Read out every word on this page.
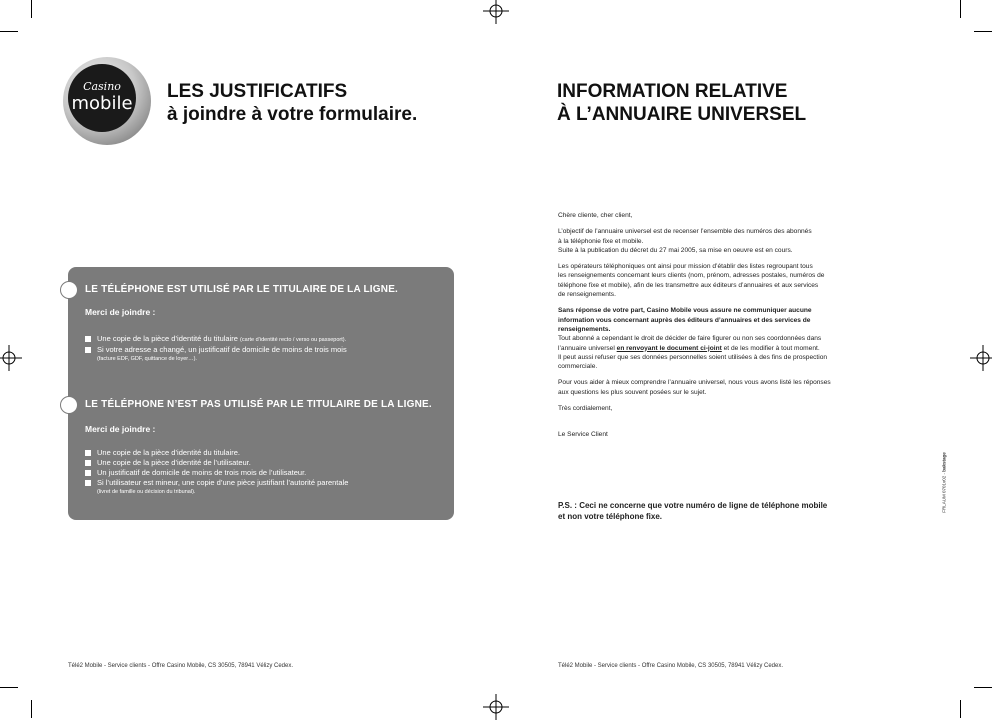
Casino
mobile
LES JUSTIFICATIFS
à joindre à votre formulaire.
INFORMATION RELATIVE
À L’ANNUAIRE UNIVERSEL
LE TÉLÉPHONE EST UTILISÉ PAR LE TITULAIRE DE LA LIGNE.
Merci de joindre :
Une copie de la pièce d’identité du titulaire (carte d’identité recto / verso ou passeport).
Si votre adresse a changé, un justificatif de domicile de moins de trois mois
(facture EDF, GDF, quittance de loyer…).
LE TÉLÉPHONE N’EST PAS UTILISÉ PAR LE TITULAIRE DE LA LIGNE.
Merci de joindre :
Une copie de la pièce d’identité du titulaire.
Une copie de la pièce d’identité de l’utilisateur.
Un justificatif de domicile de moins de trois mois de l’utilisateur.
Si l’utilisateur est mineur, une copie d’une pièce justifiant l’autorité parentale
(livret de famille ou décision du tribunal).

Chère cliente, cher client,

L’objectif de l’annuaire universel est de recenser l’ensemble des numéros des abonnés
à la téléphonie fixe et mobile.
Suite à la publication du décret du 27 mai 2005, sa mise en oeuvre est en cours.

Les opérateurs téléphoniques ont ainsi pour mission d’établir des listes regroupant tous
les renseignements concernant leurs clients (nom, prénom, adresses postales, numéros de
téléphone fixe et mobile), afin de les transmettre aux éditeurs d’annuaires et aux services
de renseignements.

Sans réponse de votre part, Casino Mobile vous assure ne communiquer aucune
information vous concernant auprès des éditeurs d’annuaires et des services de
renseignements.
Tout abonné a cependant le droit de décider de faire figurer ou non ses coordonnées dans
l’annuaire universel en renvoyant le document ci-joint et de les modifier à tout moment.
Il peut aussi refuser que ses données personnelles soient utilisées à des fins de prospection
commerciale.

Pour vous aider à mieux comprendre l’annuaire universel, nous vous avons listé les réponses
aux questions les plus souvent posées sur le sujet.

Très cordialement,

Le Service Client

P.S. : Ceci ne concerne que votre numéro de ligne de téléphone mobile
et non votre téléphone fixe.
FRLAUM 0701v02 - bakstage
Télé2 Mobile - Service clients - Offre Casino Mobile, CS 30505, 78941 Vélizy Cedex.	Télé2 Mobile - Service clients - Offre Casino Mobile, CS 30505, 78941 Vélizy Cedex.
